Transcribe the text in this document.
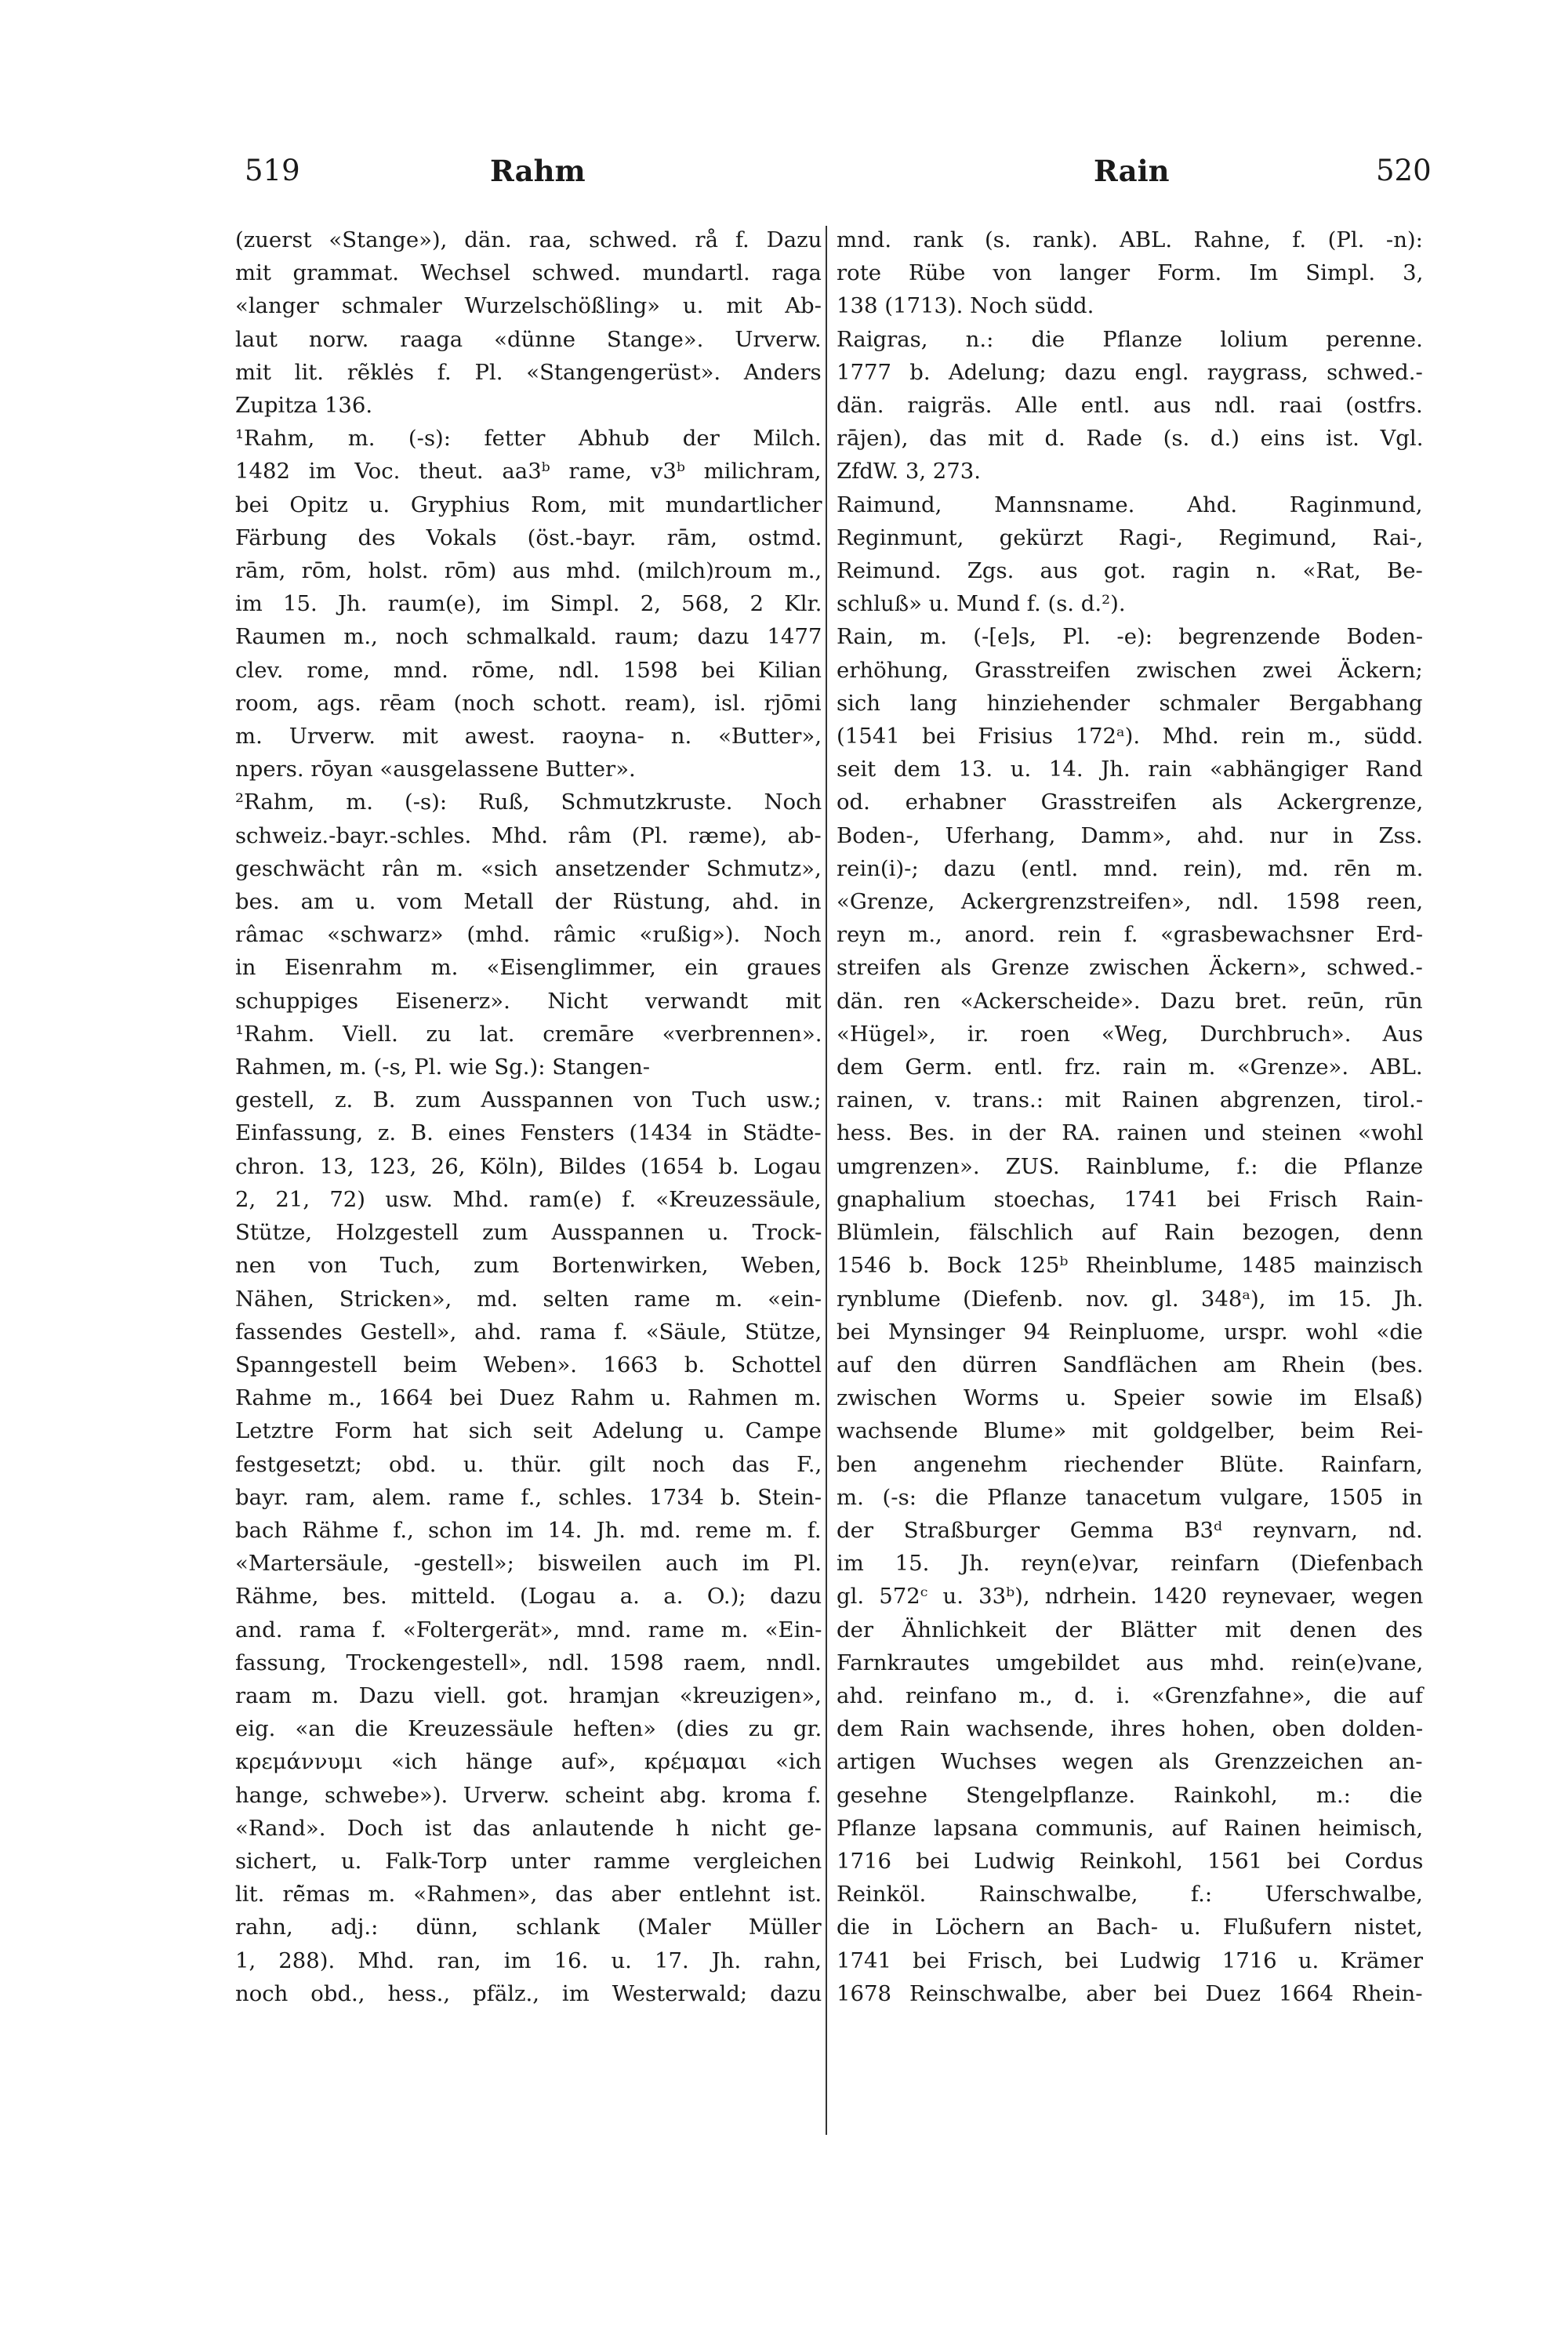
519	Rahm	Rain	520
(zuerst «Stange»), dän. raa, schwed. rå f. Dazu
mit grammat. Wechsel schwed. mundartl. raga
«langer schmaler Wurzelschößling» u. mit Ab-
laut norw. raaga «dünne Stange». Urverw.
mit lit. rẽklės f. Pl. «Stangengerüst». Anders
Zupitza 136.
¹Rahm, m. (-s): fetter Abhub der Milch.
1482 im Voc. theut. aa3ᵇ rame, v3ᵇ milichram,
bei Opitz u. Gryphius Rom, mit mundartlicher
Färbung des Vokals (öst.-bayr. rām, ostmd.
rām, rōm, holst. rōm) aus mhd. (milch)roum m.,
im 15. Jh. raum(e), im Simpl. 2, 568, 2 Klr.
Raumen m., noch schmalkald. raum; dazu 1477
clev. rome, mnd. rōme, ndl. 1598 bei Kilian
room, ags. rēam (noch schott. ream), isl. rjōmi
m. Urverw. mit awest. raoyna- n. «Butter»,
npers. rōyan «ausgelassene Butter».
²Rahm, m. (-s): Ruß, Schmutzkruste. Noch
schweiz.-bayr.-schles. Mhd. râm (Pl. ræme), ab-
geschwächt rân m. «sich ansetzender Schmutz»,
bes. am u. vom Metall der Rüstung, ahd. in
râmac «schwarz» (mhd. râmic «rußig»). Noch
in Eisenrahm m. «Eisenglimmer, ein graues
schuppiges Eisenerz». Nicht verwandt mit
¹Rahm. Viell. zu lat. cremāre «verbrennen».
Rahmen, m. (-s, Pl. wie Sg.): Stangen-
gestell, z. B. zum Ausspannen von Tuch usw.;
Einfassung, z. B. eines Fensters (1434 in Städte-
chron. 13, 123, 26, Köln), Bildes (1654 b. Logau
2, 21, 72) usw. Mhd. ram(e) f. «Kreuzessäule,
Stütze, Holzgestell zum Ausspannen u. Trock-
nen von Tuch, zum Bortenwirken, Weben,
Nähen, Stricken», md. selten rame m. «ein-
fassendes Gestell», ahd. rama f. «Säule, Stütze,
Spanngestell beim Weben». 1663 b. Schottel
Rahme m., 1664 bei Duez Rahm u. Rahmen m.
Letztre Form hat sich seit Adelung u. Campe
festgesetzt; obd. u. thür. gilt noch das F.,
bayr. ram, alem. rame f., schles. 1734 b. Stein-
bach Rähme f., schon im 14. Jh. md. reme m. f.
«Martersäule, -gestell»; bisweilen auch im Pl.
Rähme, bes. mitteld. (Logau a. a. O.); dazu
and. rama f. «Foltergerät», mnd. rame m. «Ein-
fassung, Trockengestell», ndl. 1598 raem, nndl.
raam m. Dazu viell. got. hramjan «kreuzigen»,
eig. «an die Kreuzessäule heften» (dies zu gr.
κρεμάννυμι «ich hänge auf», κρέμαμαι «ich
hange, schwebe»). Urverw. scheint abg. kroma f.
«Rand». Doch ist das anlautende h nicht ge-
sichert, u. Falk-Torp unter ramme vergleichen
lit. rė̃mas m. «Rahmen», das aber entlehnt ist.
rahn, adj.: dünn, schlank (Maler Müller
1, 288). Mhd. ran, im 16. u. 17. Jh. rahn,
noch obd., hess., pfälz., im Westerwald; dazu
mnd. rank (s. rank). ABL. Rahne, f. (Pl. -n):
rote Rübe von langer Form. Im Simpl. 3,
138 (1713). Noch südd.
Raigras, n.: die Pflanze lolium perenne.
1777 b. Adelung; dazu engl. raygrass, schwed.-
dän. raigräs. Alle entl. aus ndl. raai (ostfrs.
rājen), das mit d. Rade (s. d.) eins ist. Vgl.
ZfdW. 3, 273.
Raimund, Mannsname. Ahd. Raginmund,
Reginmunt, gekürzt Ragi-, Regimund, Rai-,
Reimund. Zgs. aus got. ragin n. «Rat, Be-
schluß» u. Mund f. (s. d.²).
Rain, m. (-[e]s, Pl. -e): begrenzende Boden-
erhöhung, Grasstreifen zwischen zwei Äckern;
sich lang hinziehender schmaler Bergabhang
(1541 bei Frisius 172ᵃ). Mhd. rein m., südd.
seit dem 13. u. 14. Jh. rain «abhängiger Rand
od. erhabner Grasstreifen als Ackergrenze,
Boden-, Uferhang, Damm», ahd. nur in Zss.
rein(i)-; dazu (entl. mnd. rein), md. rēn m.
«Grenze, Ackergrenzstreifen», ndl. 1598 reen,
reyn m., anord. rein f. «grasbewachsner Erd-
streifen als Grenze zwischen Äckern», schwed.-
dän. ren «Ackerscheide». Dazu bret. reūn, rūn
«Hügel», ir. roen «Weg, Durchbruch». Aus
dem Germ. entl. frz. rain m. «Grenze». ABL.
rainen, v. trans.: mit Rainen abgrenzen, tirol.-
hess. Bes. in der RA. rainen und steinen «wohl
umgrenzen». ZUS. Rainblume, f.: die Pflanze
gnaphalium stoechas, 1741 bei Frisch Rain-
Blümlein, fälschlich auf Rain bezogen, denn
1546 b. Bock 125ᵇ Rheinblume, 1485 mainzisch
rynblume (Diefenb. nov. gl. 348ᵃ), im 15. Jh.
bei Mynsinger 94 Reinpluome, urspr. wohl «die
auf den dürren Sandflächen am Rhein (bes.
zwischen Worms u. Speier sowie im Elsaß)
wachsende Blume» mit goldgelber, beim Rei-
ben angenehm riechender Blüte. Rainfarn,
m. (-s: die Pflanze tanacetum vulgare, 1505 in
der Straßburger Gemma B3ᵈ reynvarn, nd.
im 15. Jh. reyn(e)var, reinfarn (Diefenbach
gl. 572ᶜ u. 33ᵇ), ndrhein. 1420 reynevaer, wegen
der Ähnlichkeit der Blätter mit denen des
Farnkrautes umgebildet aus mhd. rein(e)vane,
ahd. reinfano m., d. i. «Grenzfahne», die auf
dem Rain wachsende, ihres hohen, oben dolden-
artigen Wuchses wegen als Grenzzeichen an-
gesehne Stengelpflanze. Rainkohl, m.: die
Pflanze lapsana communis, auf Rainen heimisch,
1716 bei Ludwig Reinkohl, 1561 bei Cordus
Reinköl. Rainschwalbe, f.: Uferschwalbe,
die in Löchern an Bach- u. Flußufern nistet,
1741 bei Frisch, bei Ludwig 1716 u. Krämer
1678 Reinschwalbe, aber bei Duez 1664 Rhein-
